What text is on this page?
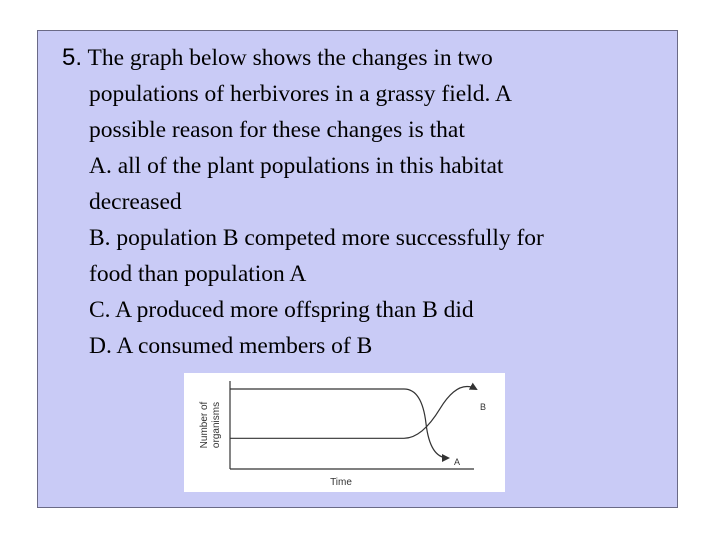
5. The graph below shows the changes in two
populations of herbivores in a grassy field. A
possible reason for these changes is that
A. all of the plant populations in this habitat
decreased
B. population B competed more successfully for
food than population A
C. A produced more offspring than B did
D. A consumed members of B
Number of organisms
Time
B
A
